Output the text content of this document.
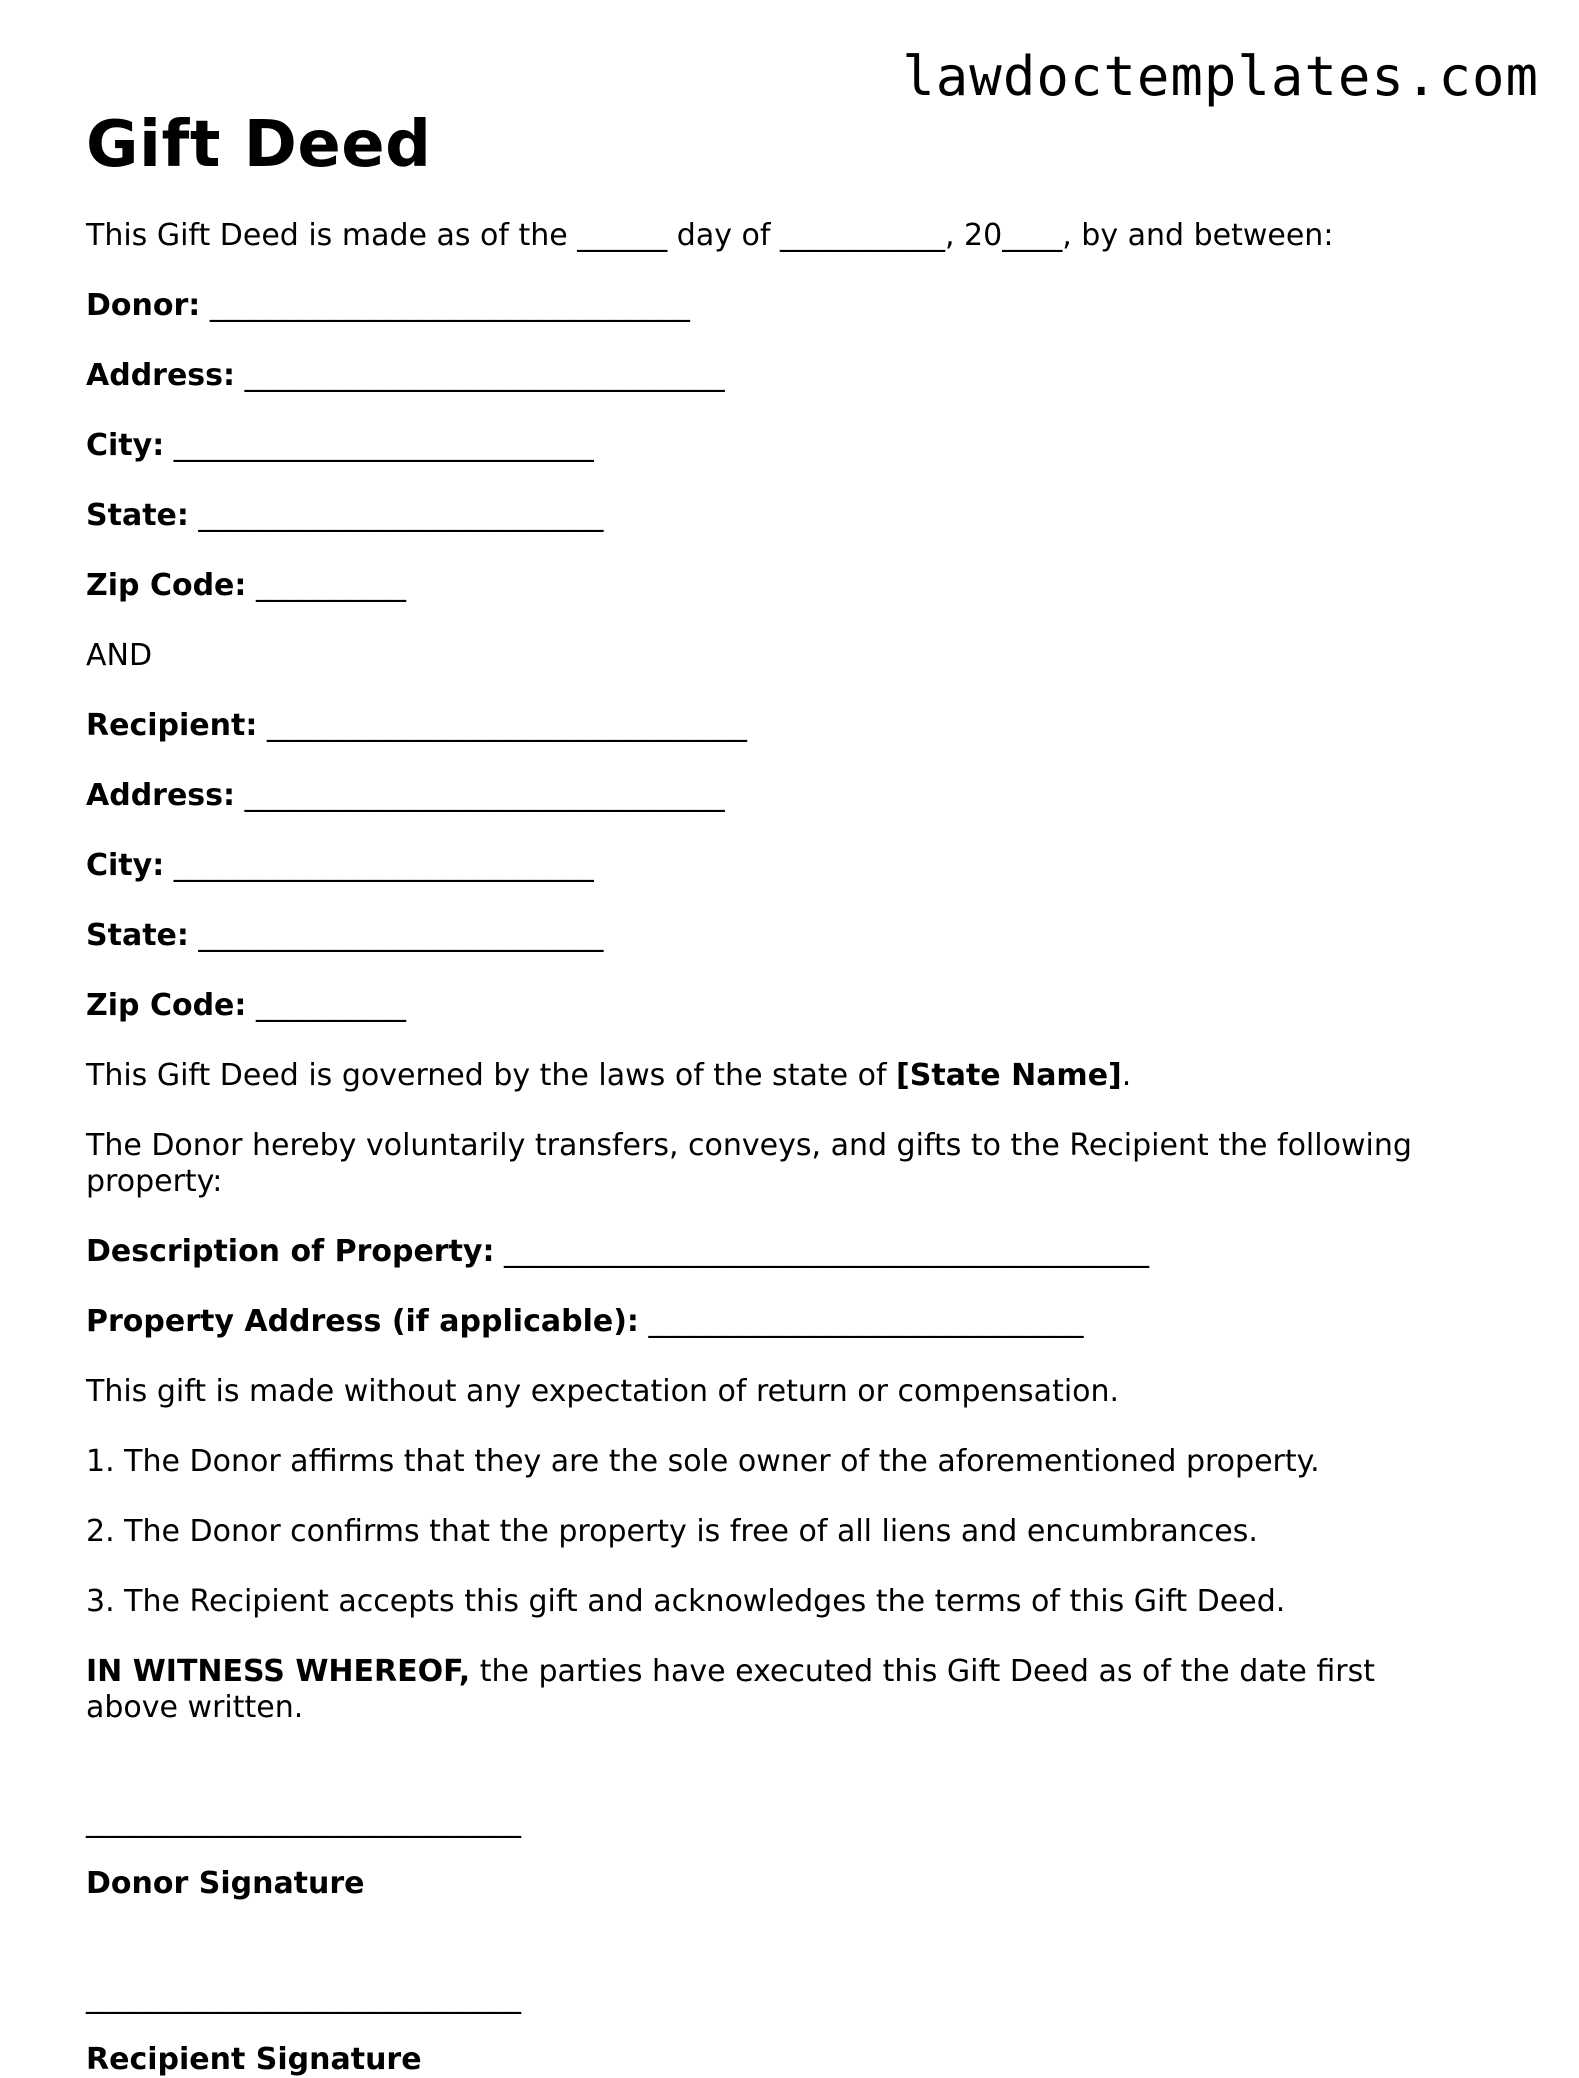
lawdoctemplates.com
Gift Deed

This Gift Deed is made as of the ______ day of ___________, 20____, by and between:

Donor: ________________________________
Address: ________________________________
City: ____________________________
State: ___________________________
Zip Code: __________

AND

Recipient: ________________________________
Address: ________________________________
City: ____________________________
State: ___________________________
Zip Code: __________

This Gift Deed is governed by the laws of the state of [State Name].

The Donor hereby voluntarily transfers, conveys, and gifts to the Recipient the following property:

Description of Property: ___________________________________________
Property Address (if applicable): _____________________________

This gift is made without any expectation of return or compensation.

1. The Donor affirms that they are the sole owner of the aforementioned property.

2. The Donor confirms that the property is free of all liens and encumbrances.

3. The Recipient accepts this gift and acknowledges the terms of this Gift Deed.

IN WITNESS WHEREOF, the parties have executed this Gift Deed as of the date first above written.

_____________________________

Donor Signature

_____________________________

Recipient Signature
